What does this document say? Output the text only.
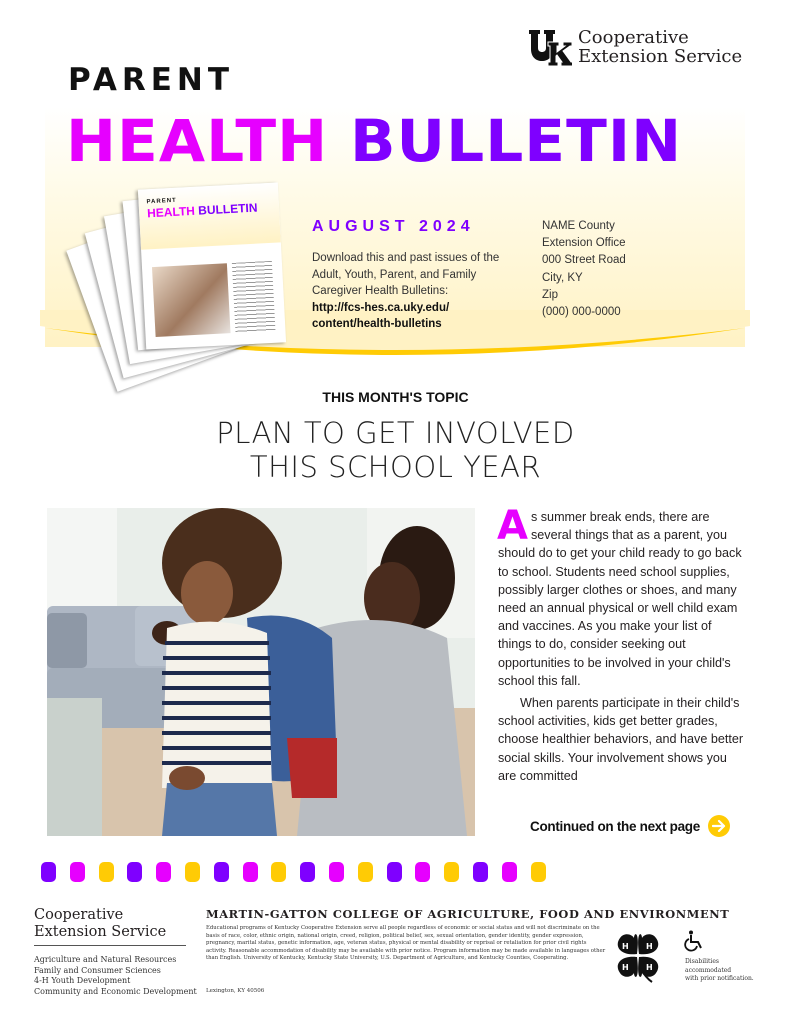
Cooperative
Extension Service
PARENT
HEALTH BULLETIN
PARENT
HEALTH BULLETIN
AUGUST 2024
Download this and past issues of the Adult, Youth, Parent, and Family Caregiver Health Bulletins:
http://fcs-hes.ca.uky.edu/
content/health-bulletins
NAME County
Extension Office
000 Street Road
City, KY
Zip
(000) 000-0000
THIS MONTH'S TOPIC
PLAN TO GET INVOLVED
THIS SCHOOL YEAR

As summer break ends, there are several things that as a parent, you should do to get your child ready to go back to school. Students need school supplies, possibly larger clothes or shoes, and many need an annual physical or well child exam and vaccines. As you make your list of things to do, consider seeking out opportunities to be involved in your child's school this fall.

When parents participate in their child's school activities, kids get better grades, choose healthier behaviors, and have better social skills. Your involvement shows you are committed

Continued on the next page
Cooperative
Extension Service
Agriculture and Natural Resources
Family and Consumer Sciences
4-H Youth Development
Community and Economic Development
MARTIN-GATTON COLLEGE OF AGRICULTURE, FOOD AND ENVIRONMENT
Educational programs of Kentucky Cooperative Extension serve all people regardless of economic or social status and will not discriminate on the basis of race, color, ethnic origin, national origin, creed, religion, political belief, sex, sexual orientation, gender identity, gender expression, pregnancy, marital status, genetic information, age, veteran status, physical or mental disability or reprisal or retaliation for prior civil rights activity. Reasonable accommodation of disability may be available with prior notice. Program information may be made available in languages other than English. University of Kentucky, Kentucky State University, U.S. Department of Agriculture, and Kentucky Counties, Cooperating.
Lexington, KY 40506
H H
H H
Disabilities
accommodated
with prior notification.
